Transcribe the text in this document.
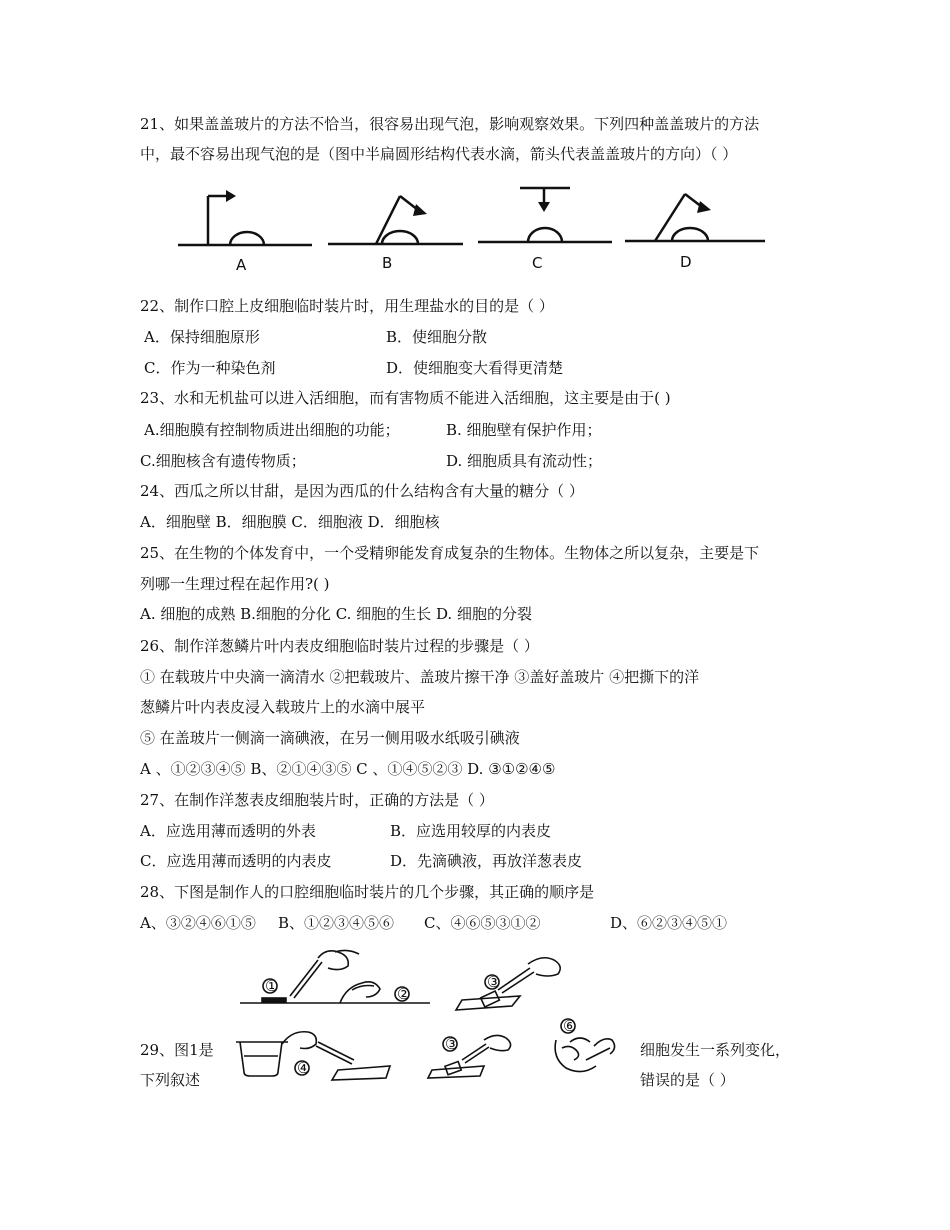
21、如果盖盖玻片的方法不恰当，很容易出现气泡，影响观察效果。下列四种盖盖玻片的方法
中，最不容易出现气泡的是（图中半扁圆形结构代表水滴，箭头代表盖盖玻片的方向）（ ）
A	B	C	D
22、制作口腔上皮细胞临时装片时，用生理盐水的目的是（ ）
A．保持细胞原形	B．使细胞分散
C．作为一种染色剂	D．使细胞变大看得更清楚
23、水和无机盐可以进入活细胞，而有害物质不能进入活细胞，这主要是由于( )
A.细胞膜有控制物质进出细胞的功能；	B. 细胞壁有保护作用；
C.细胞核含有遗传物质；	D. 细胞质具有流动性；
24、西瓜之所以甘甜，是因为西瓜的什么结构含有大量的糖分（ ）
A．细胞壁 B．细胞膜 C．细胞液 D．细胞核
25、在生物的个体发育中，一个受精卵能发育成复杂的生物体。生物体之所以复杂，主要是下
列哪一生理过程在起作用?( )
A. 细胞的成熟 B.细胞的分化 C. 细胞的生长 D. 细胞的分裂
26、制作洋葱鳞片叶内表皮细胞临时装片过程的步骤是（ ）
① 在载玻片中央滴一滴清水 ②把载玻片、盖玻片擦干净 ③盖好盖玻片 ④把撕下的洋
葱鳞片叶内表皮浸入载玻片上的水滴中展平
⑤ 在盖玻片一侧滴一滴碘液，在另一侧用吸水纸吸引碘液
A 、①②③④⑤ B、②①④③⑤ C 、①④⑤②③ D. ③①②④⑤
27、在制作洋葱表皮细胞装片时，正确的方法是（ ）
A．应选用薄而透明的外表	B．应选用较厚的内表皮
C．应选用薄而透明的内表皮	D．先滴碘液，再放洋葱表皮
28、下图是制作人的口腔细胞临时装片的几个步骤，其正确的顺序是
A、③②④⑥①⑤ B、①②③④⑤⑥ C、④⑥⑤③①②	D、⑥②③④⑤①
①	②
③
④
③
⑥
29、图1是
下列叙述
细胞发生一系列变化，
错误的是（ ）
